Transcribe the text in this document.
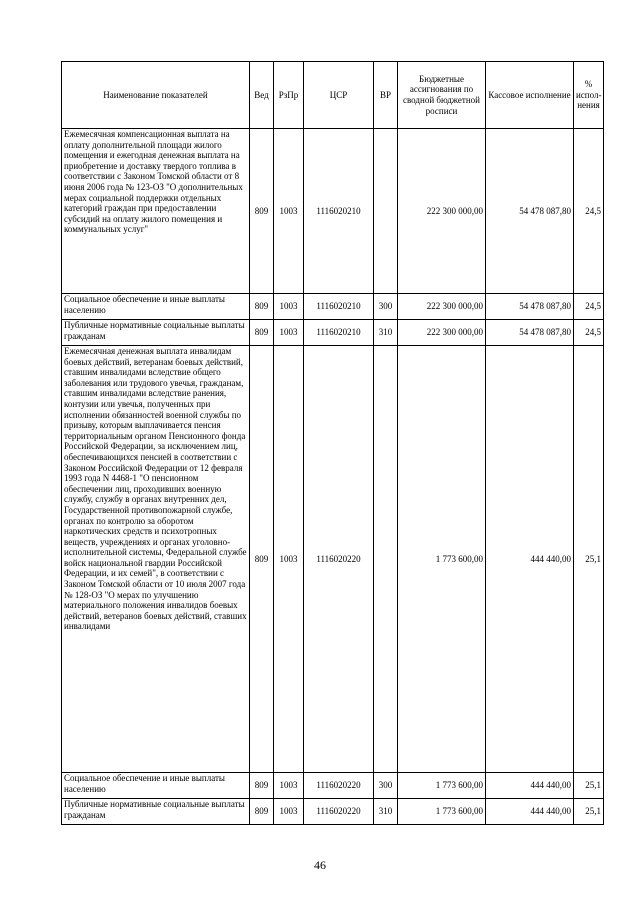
Наименование показателей	Вед	РзПр	ЦСР	ВР	Бюджетные ассигнования по сводной бюджетной росписи	Кассовое исполнение	% испол-нения
Ежемесячная компенсационная выплата на оплату дополнительной площади жилого помещения и ежегодная денежная выплата на приобретение и доставку твердого топлива в соответствии с Законом Томской области от 8 июня 2006 года № 123-ОЗ "О дополнительных мерах социальной поддержки отдельных категорий граждан при предоставлении субсидий на оплату жилого помещения и коммунальных услуг"	809	1003	1116020210		222 300 000,00	54 478 087,80	24,5
Социальное обеспечение и иные выплаты населению	809	1003	1116020210	300	222 300 000,00	54 478 087,80	24,5
Публичные нормативные социальные выплаты гражданам	809	1003	1116020210	310	222 300 000,00	54 478 087,80	24,5

Ежемесячная денежная выплата инвалидам боевых действий, ветеранам боевых действий, ставшим инвалидами вследствие общего заболевания или трудового увечья, гражданам, ставшим инвалидами вследствие ранения, контузии или увечья, полученных при исполнении обязанностей военной службы по призыву, которым выплачивается пенсия территориальным органом Пенсионного фонда Российской Федерации, за исключением лиц, обеспечивающихся пенсией в соответствии с Законом Российской Федерации от 12 февраля 1993 года N 4468-1 "О пенсионном обеспечении лиц, проходивших военную службу, службу в органах внутренних дел, Государственной противопожарной службе, органах по контролю за оборотом наркотических средств и психотропных веществ, учреждениях и органах уголовно-исполнительной системы, Федеральной службе войск национальной гвардии Российской Федерации, и их семей", в соответствии с Законом Томской области от 10 июля 2007 года № 128-ОЗ "О мерах по улучшению материального положения инвалидов боевых действий, ветеранов боевых действий, ставших инвалидами	809	1003	1116020220		1 773 600,00	444 440,00	25,1
Социальное обеспечение и иные выплаты населению	809	1003	1116020220	300	1 773 600,00	444 440,00	25,1
Публичные нормативные социальные выплаты гражданам	809	1003	1116020220	310	1 773 600,00	444 440,00	25,1
46
